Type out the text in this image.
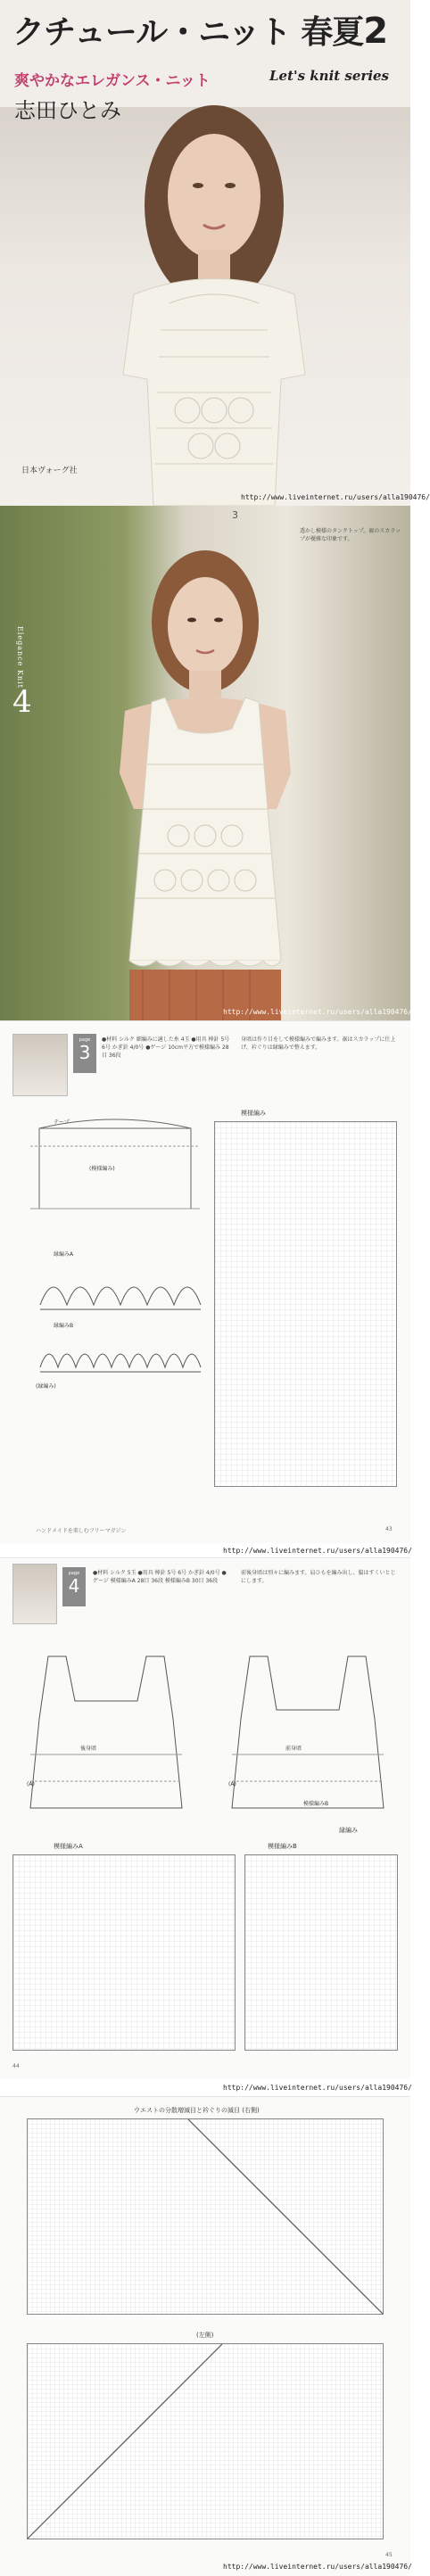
クチュール・ニット 春夏2
爽やかなエレガンス・ニット	Let's knit series
志田ひとみ
日本ヴォーグ社
http://www.liveinternet.ru/users/alla190476/
3
Elegance Knit
4
透かし模様のタンクトップ。裾のスカラップが優雅な印象です。
http://www.liveinternet.ru/users/alla190476/
page
3
●材料 シルク 細編みに適した糸 4玉 ●用具 棒針 5号 6号 かぎ針 4/0号 ●ゲージ 10cm平方で模様編み 28目 36段
身頃は作り目をして模様編みで編みます。裾はスカラップに仕上げ、衿ぐりは縁編みで整えます。
テープ
(模様編み)
縁編みA
縁編みB
(縁編み)
模様編み
ハンドメイドを楽しむフリーマガジン	43
http://www.liveinternet.ru/users/alla190476/
page
4
●材料 シルク 5玉 ●用具 棒針 5号 6号 かぎ針 4/0号 ●ゲージ 模様編みA 28目 36段 模様編みB 30目 36段
前後身頃は別々に編みます。肩ひもを編み出し、脇はすくいとじにします。
後身頃
(A)
前身頃
(A)
模様編みB
模様編みA	模様編みB
縁編み
44
http://www.liveinternet.ru/users/alla190476/
ウエストの分散増減目と衿ぐりの減目 (右側)
(左側)
45
http://www.liveinternet.ru/users/alla190476/
